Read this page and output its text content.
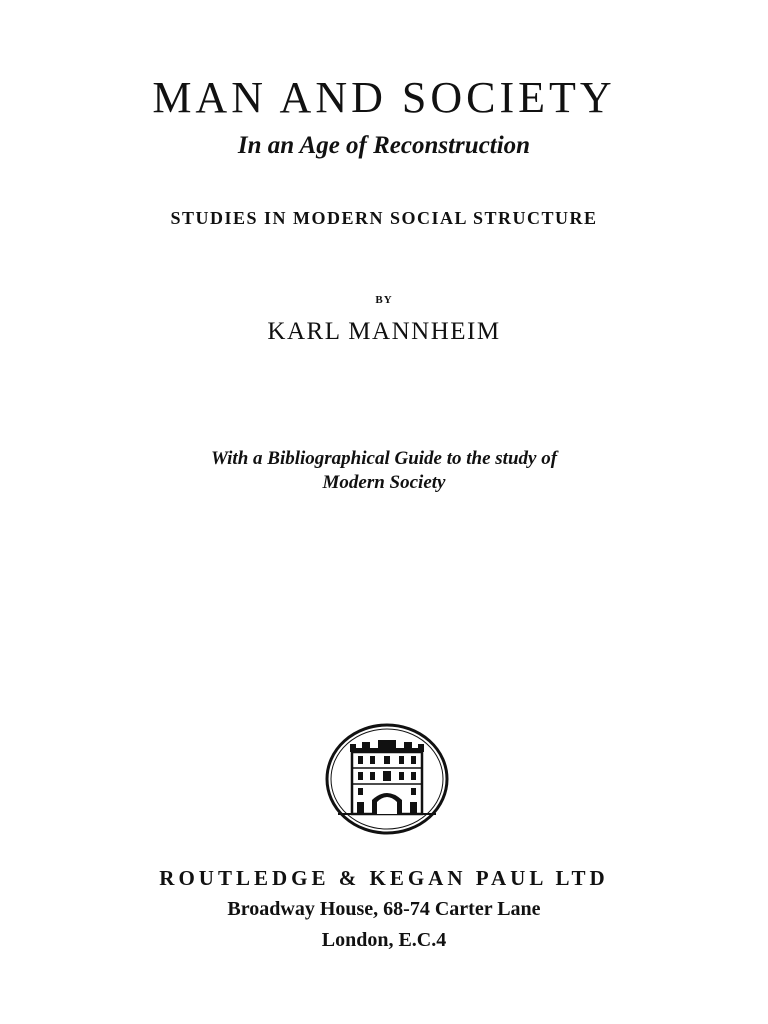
MAN AND SOCIETY
In an Age of Reconstruction
STUDIES IN MODERN SOCIAL STRUCTURE
BY
KARL MANNHEIM
With a Bibliographical Guide to the study of
Modern Society
ROUTLEDGE & KEGAN PAUL LTD
Broadway House, 68-74 Carter Lane
London, E.C.4
